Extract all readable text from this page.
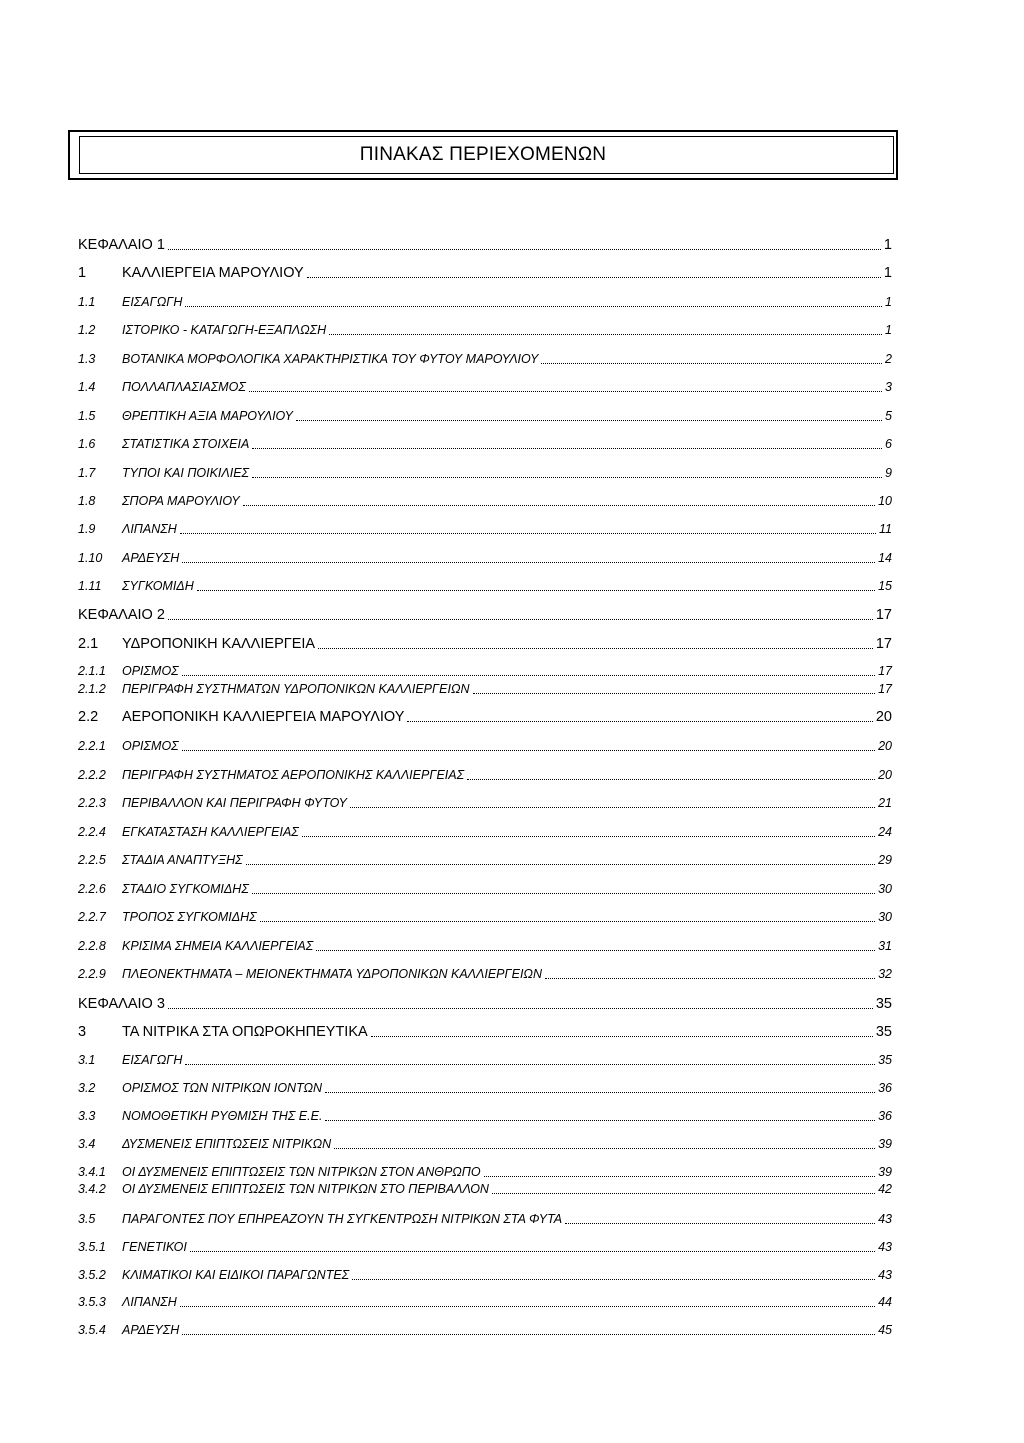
ΠΙΝΑΚΑΣ ΠΕΡΙΕΧΟΜΕΝΩΝ
ΚΕΦΑΛΑΙΟ 1	1
1	ΚΑΛΛΙΕΡΓΕΙΑ ΜΑΡΟΥΛΙΟΥ	1
1.1	ΕΙΣΑΓΩΓΗ	1
1.2	ΙΣΤΟΡΙΚΟ - ΚΑΤΑΓΩΓΗ-ΕΞΑΠΛΩΣΗ	1
1.3	ΒΟΤΑΝΙΚΑ ΜΟΡΦΟΛΟΓΙΚΑ ΧΑΡΑΚΤΗΡΙΣΤΙΚΑ ΤΟΥ ΦΥΤΟΥ ΜΑΡΟΥΛΙΟΥ	2
1.4	ΠΟΛΛΑΠΛΑΣΙΑΣΜΟΣ	3
1.5	ΘΡΕΠΤΙΚΗ ΑΞΙΑ ΜΑΡΟΥΛΙΟΥ	5
1.6	ΣΤΑΤΙΣΤΙΚΑ ΣΤΟΙΧΕΙΑ	6
1.7	ΤΥΠΟΙ ΚΑΙ ΠΟΙΚΙΛΙΕΣ	9
1.8	ΣΠΟΡΑ ΜΑΡΟΥΛΙΟΥ	10
1.9	ΛΙΠΑΝΣΗ	11
1.10	ΑΡΔΕΥΣΗ	14
1.11	ΣΥΓΚΟΜΙΔΗ	15
ΚΕΦΑΛΑΙΟ 2	17
2.1	ΥΔΡΟΠΟΝΙΚΗ ΚΑΛΛΙΕΡΓΕΙΑ	17
2.1.1	ΟΡΙΣΜΟΣ	17
2.1.2	ΠΕΡΙΓΡΑΦΗ ΣΥΣΤΗΜΑΤΩΝ ΥΔΡΟΠΟΝΙΚΩΝ ΚΑΛΛΙΕΡΓΕΙΩΝ	17
2.2	ΑΕΡΟΠΟΝΙΚΗ ΚΑΛΛΙΕΡΓΕΙΑ ΜΑΡΟΥΛΙΟΥ	20
2.2.1	ΟΡΙΣΜΟΣ	20
2.2.2	ΠΕΡΙΓΡΑΦΗ ΣΥΣΤΗΜΑΤΟΣ ΑΕΡΟΠΟΝΙΚΗΣ ΚΑΛΛΙΕΡΓΕΙΑΣ	20
2.2.3	ΠΕΡΙΒΑΛΛΟΝ ΚΑΙ ΠΕΡΙΓΡΑΦΗ ΦΥΤΟΥ	21
2.2.4	ΕΓΚΑΤΑΣΤΑΣΗ ΚΑΛΛΙΕΡΓΕΙΑΣ	24
2.2.5	ΣΤΑΔΙΑ ΑΝΑΠΤΥΞΗΣ	29
2.2.6	ΣΤΑΔΙΟ ΣΥΓΚΟΜΙΔΗΣ	30
2.2.7	ΤΡΟΠΟΣ ΣΥΓΚΟΜΙΔΗΣ	30
2.2.8	ΚΡΙΣΙΜΑ ΣΗΜΕΙΑ ΚΑΛΛΙΕΡΓΕΙΑΣ	31
2.2.9	ΠΛΕΟΝΕΚΤΗΜΑΤΑ – ΜΕΙΟΝΕΚΤΗΜΑΤΑ ΥΔΡΟΠΟΝΙΚΩΝ ΚΑΛΛΙΕΡΓΕΙΩΝ	32
ΚΕΦΑΛΑΙΟ 3	35
3	ΤΑ ΝΙΤΡΙΚΑ ΣΤΑ ΟΠΩΡΟΚΗΠΕΥΤΙΚΑ	35
3.1	ΕΙΣΑΓΩΓΗ	35
3.2	ΟΡΙΣΜΟΣ ΤΩΝ ΝΙΤΡΙΚΩΝ ΙΟΝΤΩΝ	36
3.3	ΝΟΜΟΘΕΤΙΚΗ ΡΥΘΜΙΣΗ ΤΗΣ Ε.Ε.	36
3.4	ΔΥΣΜΕΝΕΙΣ ΕΠΙΠΤΩΣΕΙΣ ΝΙΤΡΙΚΩΝ	39
3.4.1	ΟΙ ΔΥΣΜΕΝΕΙΣ ΕΠΙΠΤΩΣΕΙΣ ΤΩΝ ΝΙΤΡΙΚΩΝ ΣΤΟΝ ΑΝΘΡΩΠΟ	39
3.4.2	ΟΙ ΔΥΣΜΕΝΕΙΣ ΕΠΙΠΤΩΣΕΙΣ ΤΩΝ ΝΙΤΡΙΚΩΝ ΣΤΟ ΠΕΡΙΒΑΛΛΟΝ	42
3.5	ΠΑΡΑΓΟΝΤΕΣ ΠΟΥ ΕΠΗΡΕΑΖΟΥΝ ΤΗ ΣΥΓΚΕΝΤΡΩΣΗ ΝΙΤΡΙΚΩΝ ΣΤΑ ΦΥΤΑ	43
3.5.1	ΓΕΝΕΤΙΚΟΙ	43
3.5.2	ΚΛΙΜΑΤΙΚΟΙ ΚΑΙ ΕΙΔΙΚΟΙ ΠΑΡΑΓΩΝΤΕΣ	43
3.5.3	ΛΙΠΑΝΣΗ	44
3.5.4	ΑΡΔΕΥΣΗ	45
